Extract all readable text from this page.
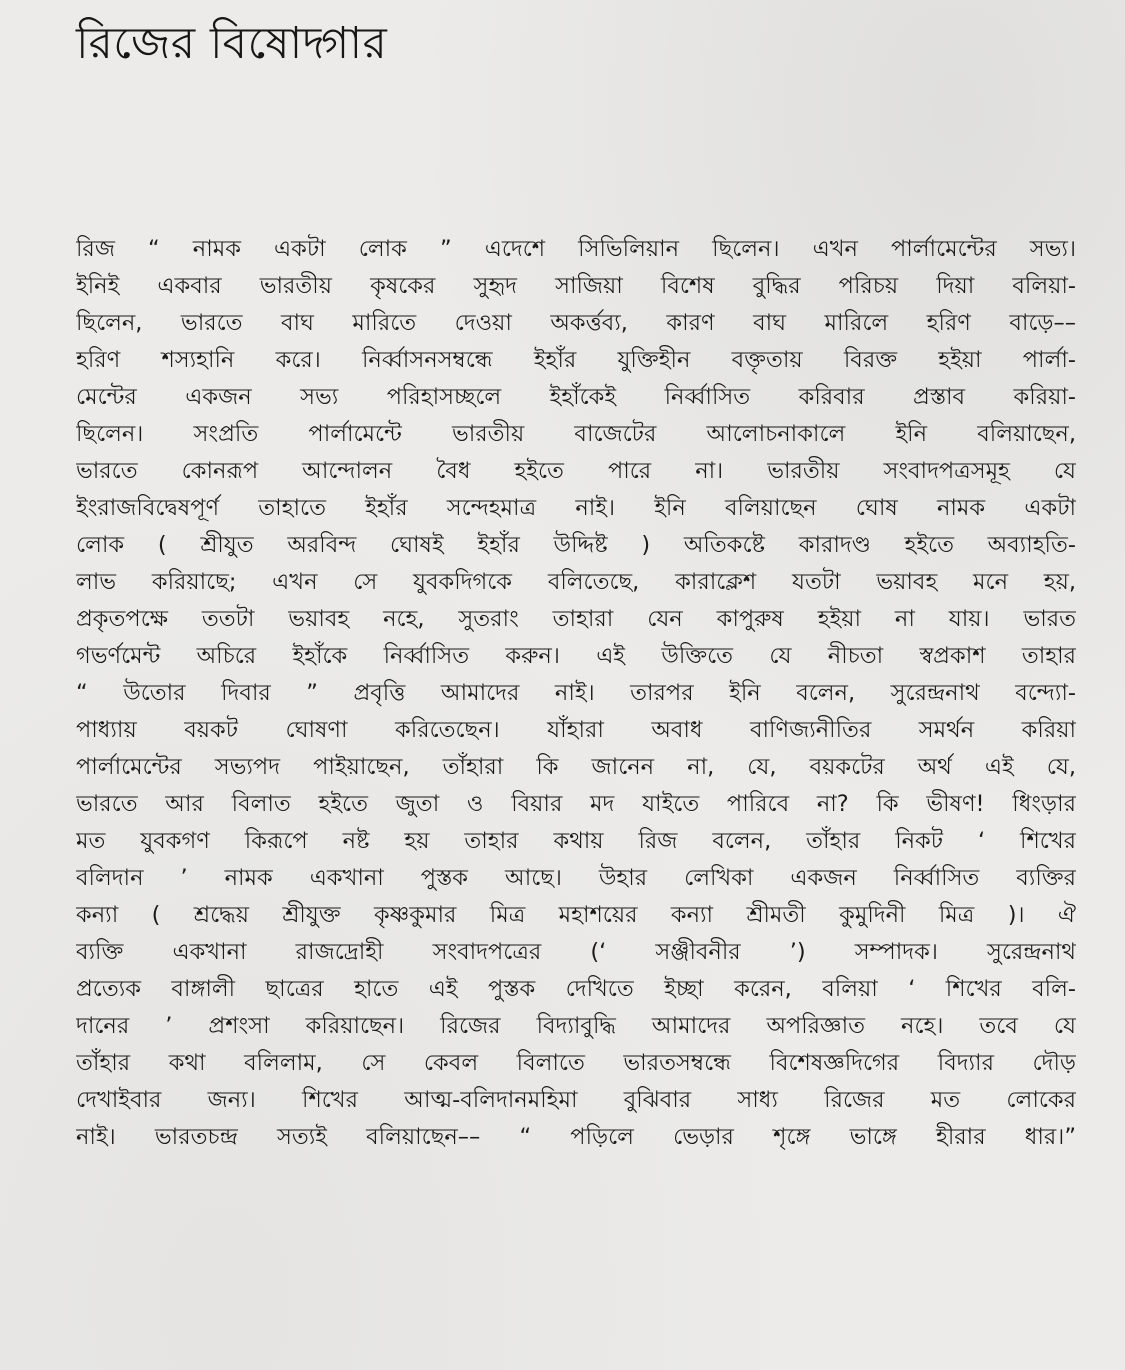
রিজের বিষোদ্গার
রিজ “ নামক একটা লোক ” এদেশে সিভিলিয়ান ছিলেন। এখন পার্লামেন্টের সভ্য।
ইনিই একবার ভারতীয় কৃষকের সুহৃদ সাজিয়া বিশেষ বুদ্ধির পরিচয় দিয়া বলিয়া-
ছিলেন, ভারতে বাঘ মারিতে দেওয়া অকর্ত্তব্য, কারণ বাঘ মারিলে হরিণ বাড়ে––
হরিণ শস্যহানি করে। নির্ব্বাসনসম্বন্ধে ইহাঁর যুক্তিহীন বক্তৃতায় বিরক্ত হইয়া পার্লা-
মেন্টের একজন সভ্য পরিহাসচ্ছলে ইহাঁকেই নির্ব্বাসিত করিবার প্রস্তাব করিয়া-
ছিলেন। সংপ্রতি পার্লামেন্টে ভারতীয় বাজেটের আলোচনাকালে ইনি বলিয়াছেন,
ভারতে কোনরূপ আন্দোলন বৈধ হইতে পারে না। ভারতীয় সংবাদপত্রসমূহ যে
ইংরাজবিদ্বেষপূর্ণ তাহাতে ইহাঁর সন্দেহমাত্র নাই। ইনি বলিয়াছেন ঘোষ নামক একটা
লোক ( শ্রীযুত অরবিন্দ ঘোষই ইহাঁর উদ্দিষ্ট ) অতিকষ্টে কারাদণ্ড হইতে অব্যাহতি-
লাভ করিয়াছে; এখন সে যুবকদিগকে বলিতেছে, কারাক্লেশ যতটা ভয়াবহ মনে হয়,
প্রকৃতপক্ষে ততটা ভয়াবহ নহে, সুতরাং তাহারা যেন কাপুরুষ হইয়া না যায়। ভারত
গভর্ণমেন্ট অচিরে ইহাঁকে নির্ব্বাসিত করুন। এই উক্তিতে যে নীচতা স্বপ্রকাশ তাহার
“ উতোর দিবার ” প্রবৃত্তি আমাদের নাই। তারপর ইনি বলেন, সুরেন্দ্রনাথ বন্দ্যো-
পাধ্যায় বয়কট ঘোষণা করিতেছেন। যাঁহারা অবাধ বাণিজ্যনীতির সমর্থন করিয়া
পার্লামেন্টের সভ্যপদ পাইয়াছেন, তাঁহারা কি জানেন না, যে, বয়কটের অর্থ এই যে,
ভারতে আর বিলাত হইতে জুতা ও বিয়ার মদ যাইতে পারিবে না? কি ভীষণ! ধিংড়ার
মত যুবকগণ কিরূপে নষ্ট হয় তাহার কথায় রিজ বলেন, তাঁহার নিকট ‘ শিখের
বলিদান ’ নামক একখানা পুস্তক আছে। উহার লেখিকা একজন নির্ব্বাসিত ব্যক্তির
কন্যা ( শ্রদ্ধেয় শ্রীযুক্ত কৃষ্ণকুমার মিত্র মহাশয়ের কন্যা শ্রীমতী কুমুদিনী মিত্র )। ঐ
ব্যক্তি একখানা রাজদ্রোহী সংবাদপত্রের (‘ সঞ্জীবনীর ’) সম্পাদক। সুরেন্দ্রনাথ
প্রত্যেক বাঙ্গালী ছাত্রের হাতে এই পুস্তক দেখিতে ইচ্ছা করেন, বলিয়া ‘ শিখের বলি-
দানের ’ প্রশংসা করিয়াছেন। রিজের বিদ্যাবুদ্ধি আমাদের অপরিজ্ঞাত নহে। তবে যে
তাঁহার কথা বলিলাম, সে কেবল বিলাতে ভারতসম্বন্ধে বিশেষজ্ঞদিগের বিদ্যার দৌড়
দেখাইবার জন্য। শিখের আত্ম-বলিদানমহিমা বুঝিবার সাধ্য রিজের মত লোকের
নাই। ভারতচন্দ্র সত্যই বলিয়াছেন–– “ পড়িলে ভেড়ার শৃঙ্গে ভাঙ্গে হীরার ধার।”
